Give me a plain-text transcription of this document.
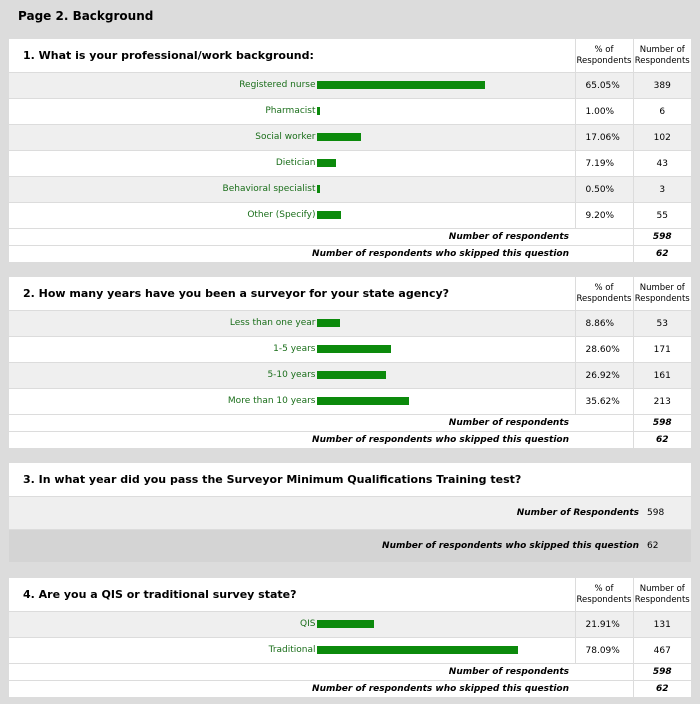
Page 2. Background
1. What is your professional/work background:	% of Respondents	Number of Respondents

Registered nurse	65.05%	389

Pharmacist	1.00%	6

Social worker	17.06%	102

Dietician	7.19%	43

Behavioral specialist	0.50%	3

Other (Specify)	9.20%	55
Number of respondents		598
Number of respondents who skipped this question		62
2. How many years have you been a surveyor for your state agency?	% of Respondents	Number of Respondents

Less than one year	8.86%	53

1-5 years	28.60%	171

5-10 years	26.92%	161

More than 10 years	35.62%	213
Number of respondents		598
Number of respondents who skipped this question		62
3. In what year did you pass the Surveyor Minimum Qualifications Training test?	
Number of Respondents	598
Number of respondents who skipped this question	62
4. Are you a QIS or traditional survey state?	% of Respondents	Number of Respondents

QIS	21.91%	131

Traditional	78.09%	467
Number of respondents		598
Number of respondents who skipped this question		62
